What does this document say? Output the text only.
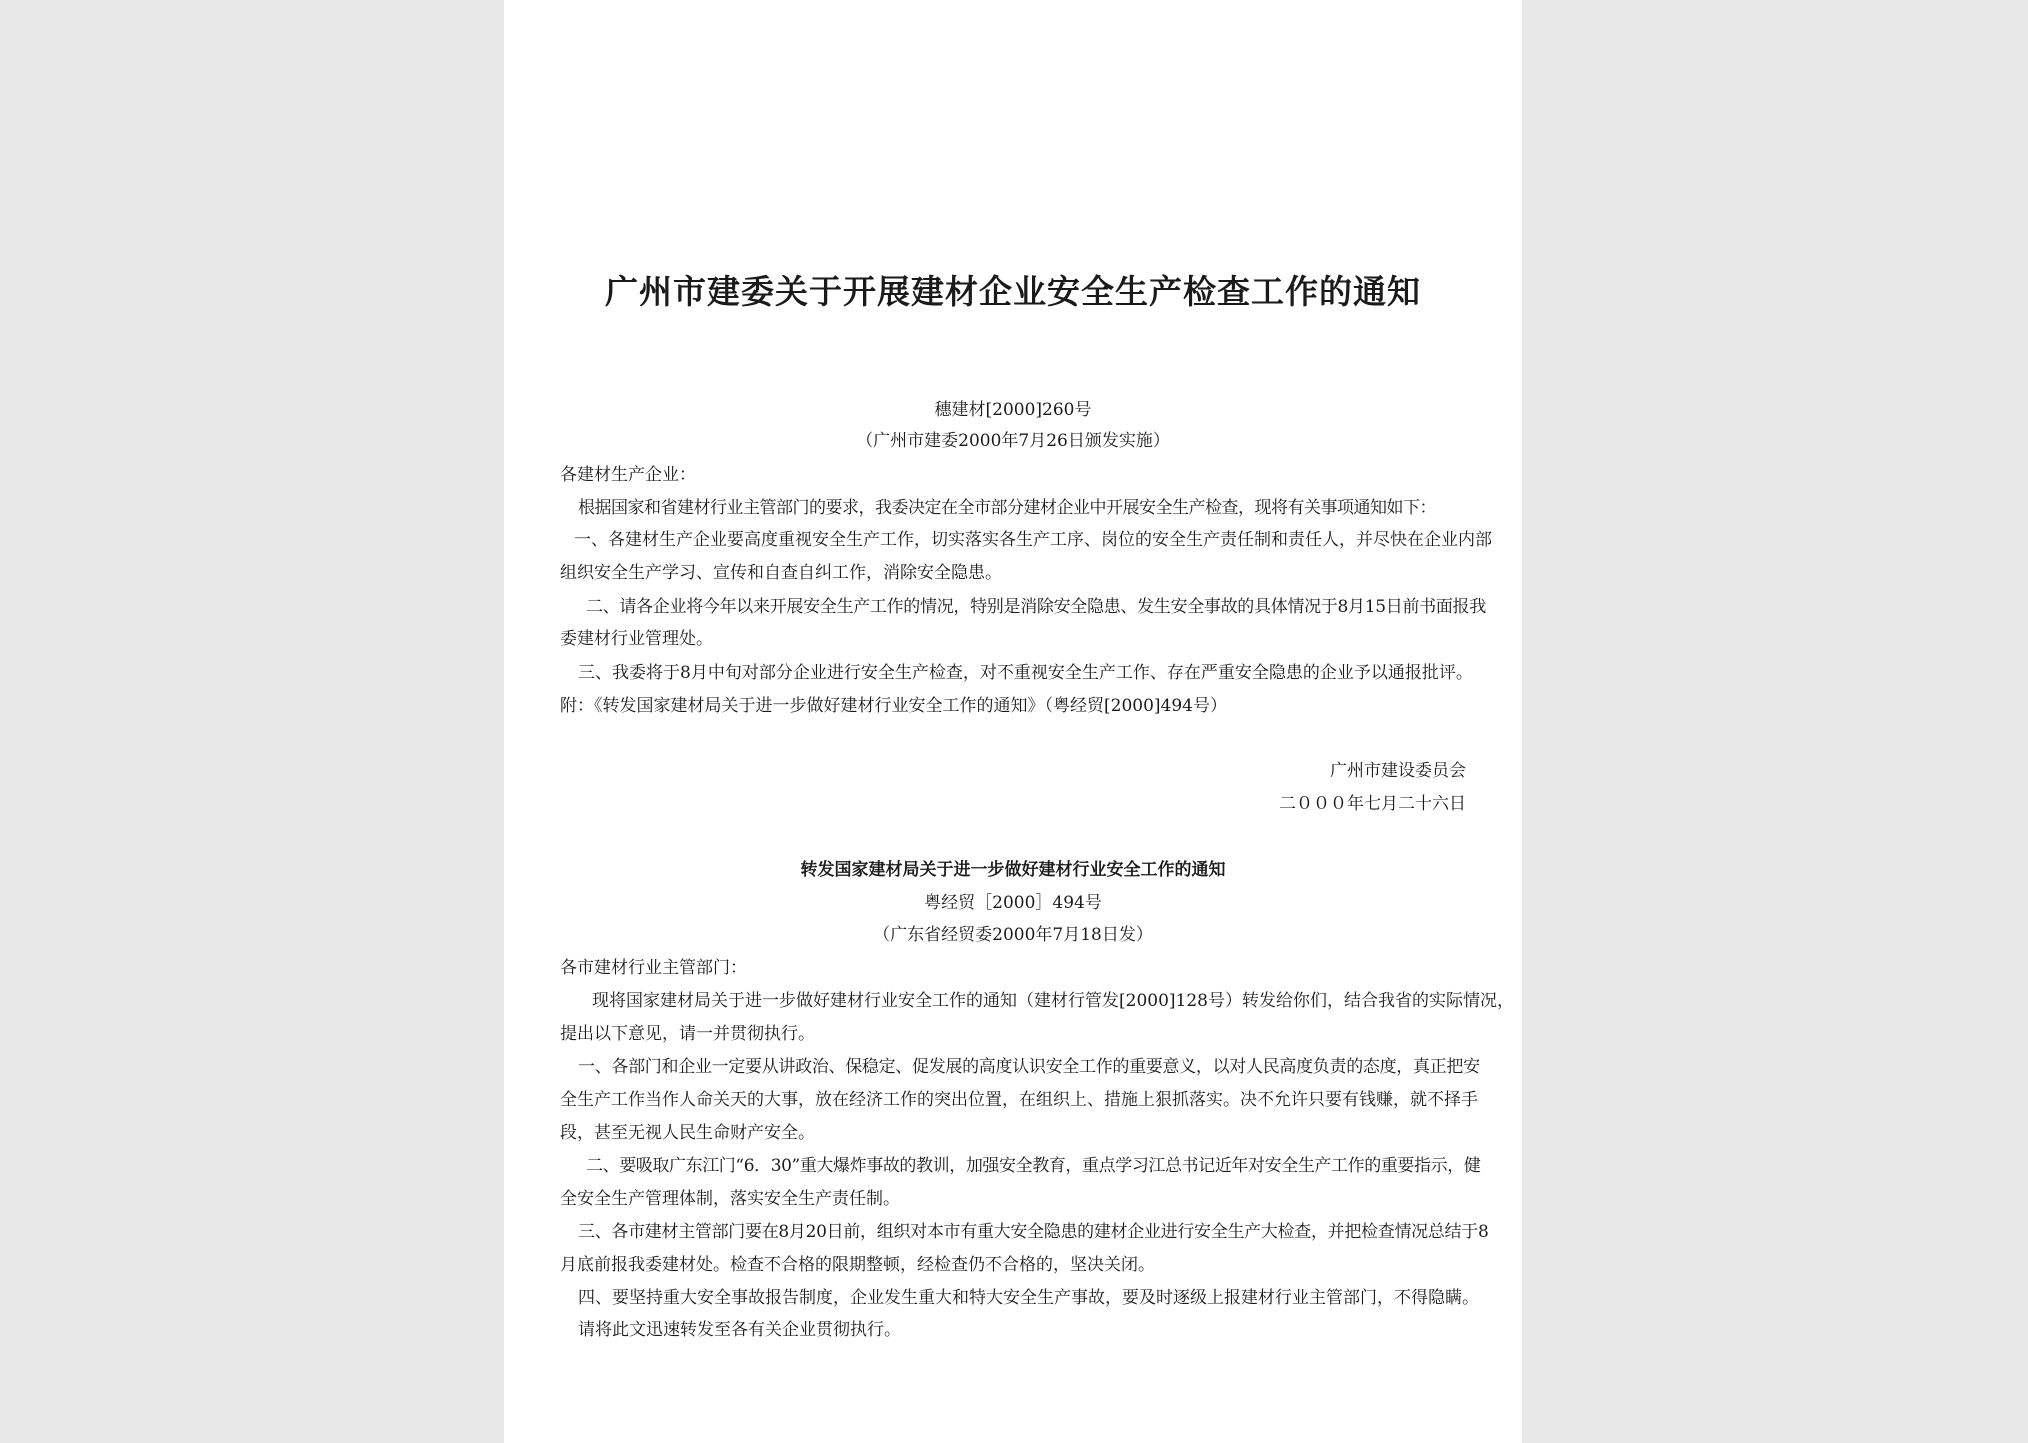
广州市建委关于开展建材企业安全生产检查工作的通知
穗建材[2000]260号
（广州市建委2000年7月26日颁发实施）
各建材生产企业：
根据国家和省建材行业主管部门的要求，我委决定在全市部分建材企业中开展安全生产检查，现将有关事项通知如下：
一、各建材生产企业要高度重视安全生产工作，切实落实各生产工序、岗位的安全生产责任制和责任人，并尽快在企业内部
组织安全生产学习、宣传和自查自纠工作，消除安全隐患。
二、请各企业将今年以来开展安全生产工作的情况，特别是消除安全隐患、发生安全事故的具体情况于8月15日前书面报我
委建材行业管理处。
三、我委将于8月中旬对部分企业进行安全生产检查，对不重视安全生产工作、存在严重安全隐患的企业予以通报批评。
附：《转发国家建材局关于进一步做好建材行业安全工作的通知》（粤经贸[2000]494号）
广州市建设委员会
二０００年七月二十六日
转发国家建材局关于进一步做好建材行业安全工作的通知
粤经贸［2000］494号
（广东省经贸委2000年7月18日发）
各市建材行业主管部门：
现将国家建材局关于进一步做好建材行业安全工作的通知（建材行管发[2000]128号）转发给你们，结合我省的实际情况，
提出以下意见，请一并贯彻执行。
一、各部门和企业一定要从讲政治、保稳定、促发展的高度认识安全工作的重要意义，以对人民高度负责的态度，真正把安
全生产工作当作人命关天的大事，放在经济工作的突出位置，在组织上、措施上狠抓落实。决不允许只要有钱赚，就不择手
段，甚至无视人民生命财产安全。
二、要吸取广东江门“6．30”重大爆炸事故的教训，加强安全教育，重点学习江总书记近年对安全生产工作的重要指示，健
全安全生产管理体制，落实安全生产责任制。
三、各市建材主管部门要在8月20日前，组织对本市有重大安全隐患的建材企业进行安全生产大检查，并把检查情况总结于8
月底前报我委建材处。检查不合格的限期整顿，经检查仍不合格的，坚决关闭。
四、要坚持重大安全事故报告制度，企业发生重大和特大安全生产事故，要及时逐级上报建材行业主管部门，不得隐瞒。
请将此文迅速转发至各有关企业贯彻执行。
